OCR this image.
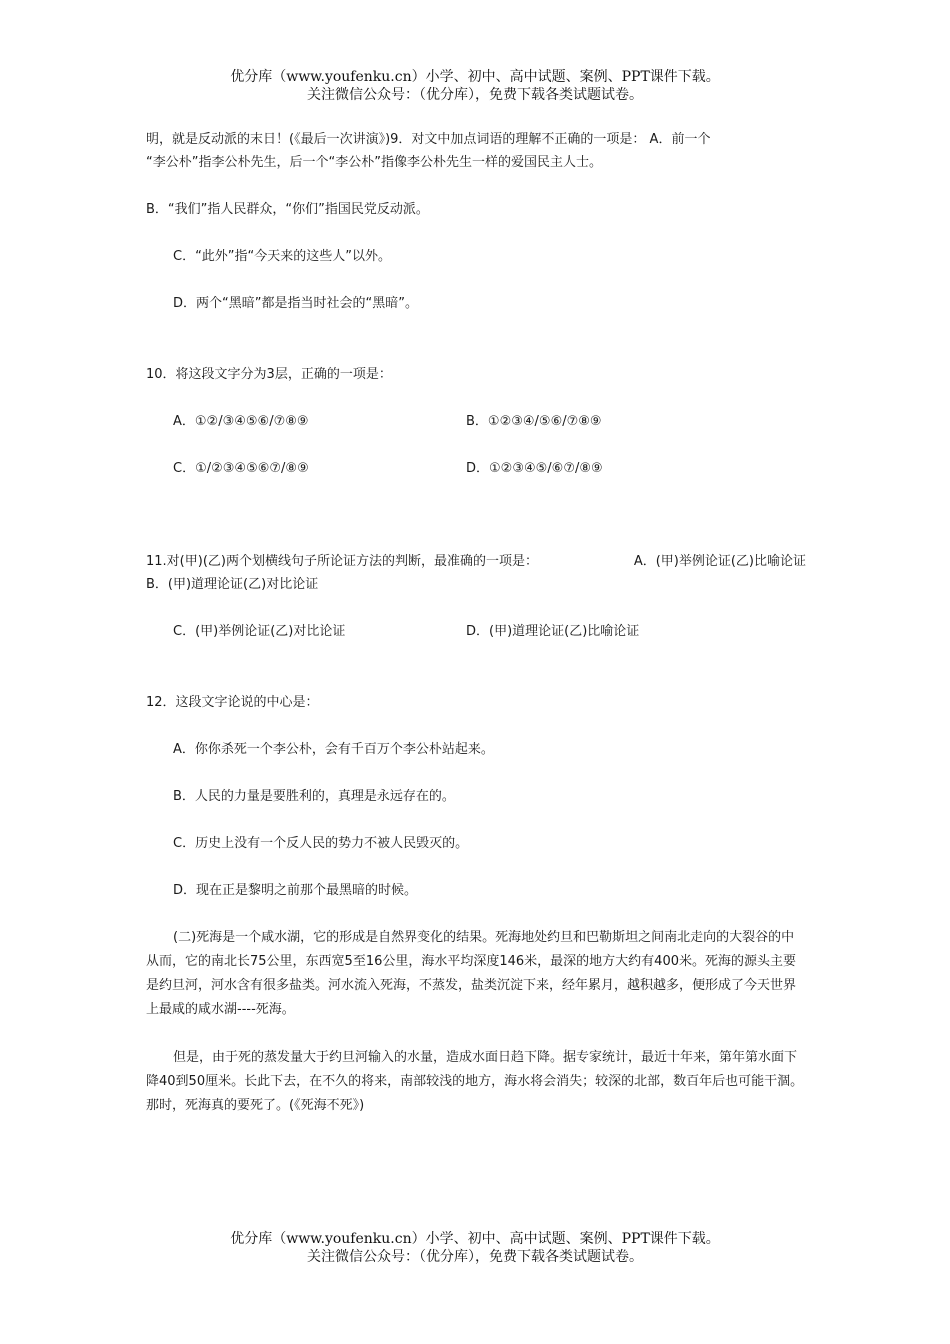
优分库（www.youfenku.cn）小学、初中、高中试题、案例、PPT课件下载。
关注微信公众号：（优分库），免费下载各类试题试卷。

明，就是反动派的末日！(《最后一次讲演》)9．对文中加点词语的理解不正确的一项是： A．前一个

“李公朴”指李公朴先生，后一个“李公朴”指像李公朴先生一样的爱国民主人士。

B．“我们”指人民群众，“你们”指国民党反动派。

C．“此外”指“今天来的这些人”以外。

D．两个“黑暗”都是指当时社会的“黑暗”。

10．将这段文字分为3层，正确的一项是：

A．①②/③④⑤⑥/⑦⑧⑨	B．①②③④/⑤⑥/⑦⑧⑨
C．①/②③④⑤⑥⑦/⑧⑨	D．①②③④⑤/⑥⑦/⑧⑨
11.对(甲)(乙)两个划横线句子所论证方法的判断，最准确的一项是：	A．(甲)举例论证(乙)比喻论证

B．(甲)道理论证(乙)对比论证

C．(甲)举例论证(乙)对比论证	D．(甲)道理论证(乙)比喻论证

12．这段文字论说的中心是：

A．你你杀死一个李公朴，会有千百万个李公朴站起来。

B．人民的力量是要胜利的，真理是永远存在的。

C．历史上没有一个反人民的势力不被人民毁灭的。

D．现在正是黎明之前那个最黑暗的时候。

(二)死海是一个咸水湖，它的形成是自然界变化的结果。死海地处约旦和巴勒斯坦之间南北走向的大裂谷的中从而，它的南北长75公里，东西宽5至16公里，海水平均深度146米，最深的地方大约有400米。死海的源头主要是约旦河，河水含有很多盐类。河水流入死海，不蒸发，盐类沉淀下来，经年累月，越积越多，便形成了今天世界上最咸的咸水湖----死海。

但是，由于死的蒸发量大于约旦河输入的水量，造成水面日趋下降。据专家统计，最近十年来，第年第水面下降40到50厘米。长此下去，在不久的将来，南部较浅的地方，海水将会消失；较深的北部，数百年后也可能干涸。那时，死海真的要死了。(《死海不死》)

优分库（www.youfenku.cn）小学、初中、高中试题、案例、PPT课件下载。
关注微信公众号：（优分库），免费下载各类试题试卷。
